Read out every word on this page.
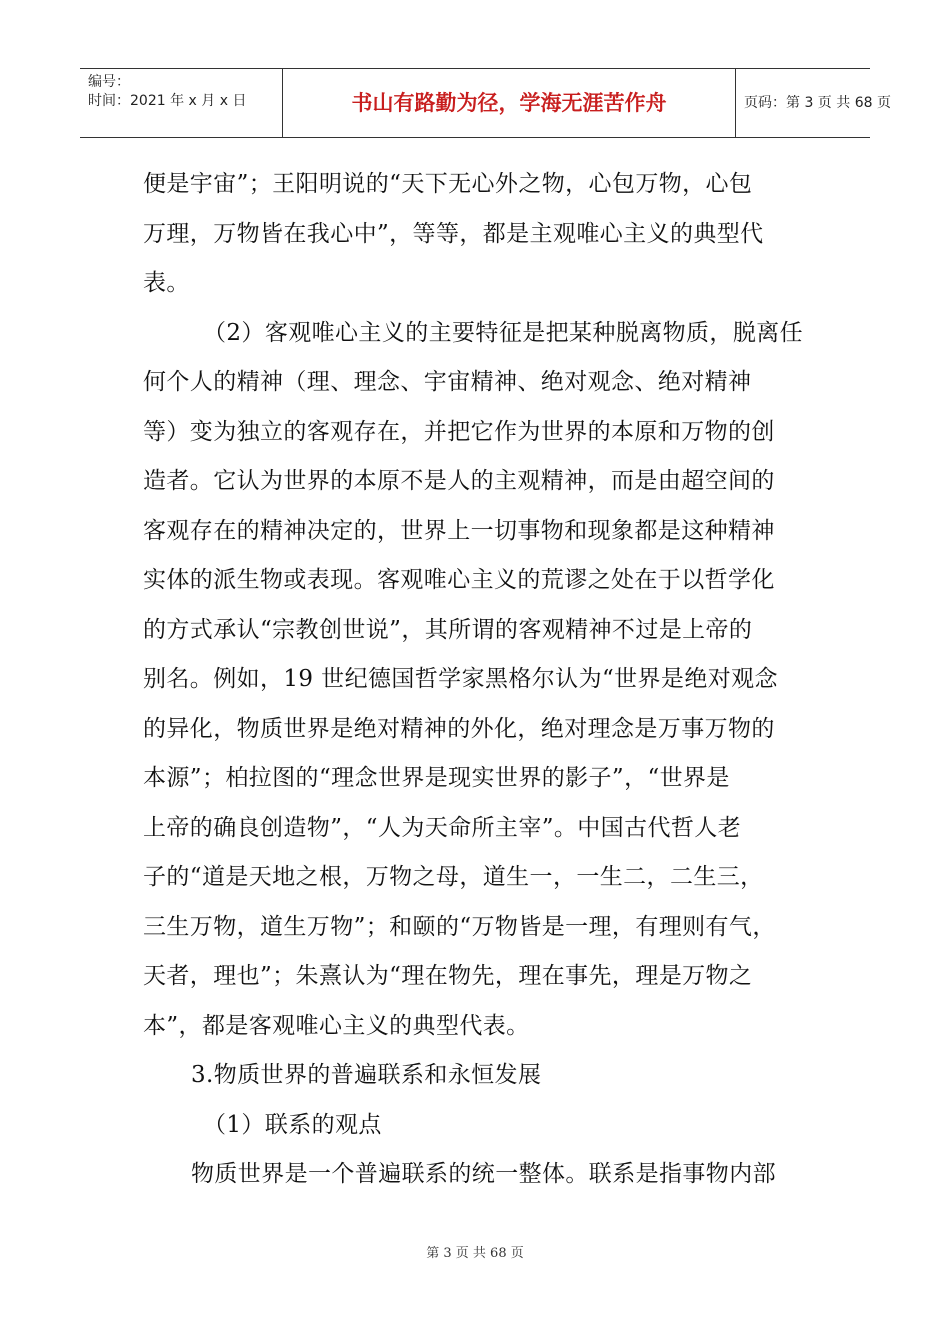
编号：
时间：2021 年 x 月 x 日	书山有路勤为径，学海无涯苦作舟	页码：第 3 页 共 68 页
便是宇宙”；王阳明说的“天下无心外之物，心包万物，心包
万理，万物皆在我心中”，等等，都是主观唯心主义的典型代
表。
（2）客观唯心主义的主要特征是把某种脱离物质，脱离任
何个人的精神（理、理念、宇宙精神、绝对观念、绝对精神
等）变为独立的客观存在，并把它作为世界的本原和万物的创
造者。它认为世界的本原不是人的主观精神，而是由超空间的
客观存在的精神决定的，世界上一切事物和现象都是这种精神
实体的派生物或表现。客观唯心主义的荒谬之处在于以哲学化
的方式承认“宗教创世说”，其所谓的客观精神不过是上帝的
别名。例如，19 世纪德国哲学家黑格尔认为“世界是绝对观念
的异化，物质世界是绝对精神的外化，绝对理念是万事万物的
本源”；柏拉图的“理念世界是现实世界的影子”，“世界是
上帝的确良创造物”，“人为天命所主宰”。中国古代哲人老
子的“道是天地之根，万物之母，道生一，一生二，二生三，
三生万物，道生万物”；和颐的“万物皆是一理，有理则有气，
天者，理也”；朱熹认为“理在物先，理在事先，理是万物之
本”，都是客观唯心主义的典型代表。
3.物质世界的普遍联系和永恒发展
（1）联系的观点
物质世界是一个普遍联系的统一整体。联系是指事物内部
第 3 页 共 68 页
